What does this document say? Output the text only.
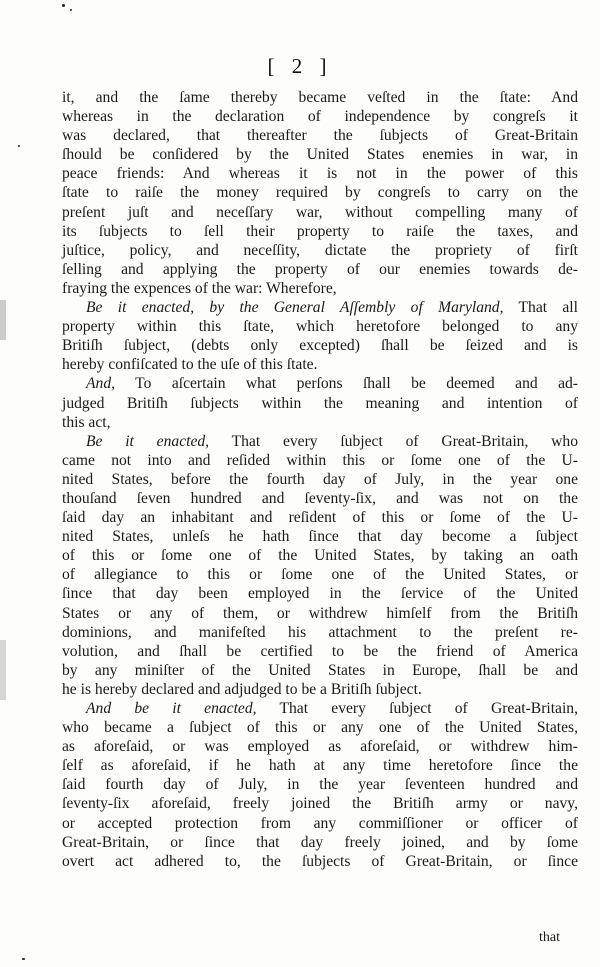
[ 2 ]
it, and the ſame thereby became veſted in the ſtate: And
whereas in the declaration of independence by congreſs it
was declared, that thereafter the ſubjects of Great-Britain
ſhould be conſidered by the United States enemies in war, in
peace friends: And whereas it is not in the power of this
ſtate to raiſe the money required by congreſs to carry on the
preſent juſt and neceſſary war, without compelling many of
its ſubjects to ſell their property to raiſe the taxes, and
juſtice, policy, and neceſſity, dictate the propriety of firſt
ſelling and applying the property of our enemies towards de-
fraying the expences of the war: Wherefore,
Be it enacted, by the General Aſſembly of Maryland, That all
property within this ſtate, which heretofore belonged to any
Britiſh ſubject, (debts only excepted) ſhall be ſeized and is
hereby confiſcated to the uſe of this ſtate.
And, To aſcertain what perſons ſhall be deemed and ad-
judged Britiſh ſubjects within the meaning and intention of
this act,
Be it enacted, That every ſubject of Great-Britain, who
came not into and reſided within this or ſome one of the U-
nited States, before the fourth day of July, in the year one
thouſand ſeven hundred and ſeventy-ſix, and was not on the
ſaid day an inhabitant and reſident of this or ſome of the U-
nited States, unleſs he hath ſince that day become a ſubject
of this or ſome one of the United States, by taking an oath
of allegiance to this or ſome one of the United States, or
ſince that day been employed in the ſervice of the United
States or any of them, or withdrew himſelf from the Britiſh
dominions, and manifeſted his attachment to the preſent re-
volution, and ſhall be certified to be the friend of America
by any miniſter of the United States in Europe, ſhall be and
he is hereby declared and adjudged to be a Britiſh ſubject.
And be it enacted, That every ſubject of Great-Britain,
who became a ſubject of this or any one of the United States,
as aforeſaid, or was employed as aforeſaid, or withdrew him-
ſelf as aforeſaid, if he hath at any time heretofore ſince the
ſaid fourth day of July, in the year ſeventeen hundred and
ſeventy-ſix aforeſaid, freely joined the Britiſh army or navy,
or accepted protection from any commiſſioner or officer of
Great-Britain, or ſince that day freely joined, and by ſome
overt act adhered to, the ſubjects of Great-Britain, or ſince
that
